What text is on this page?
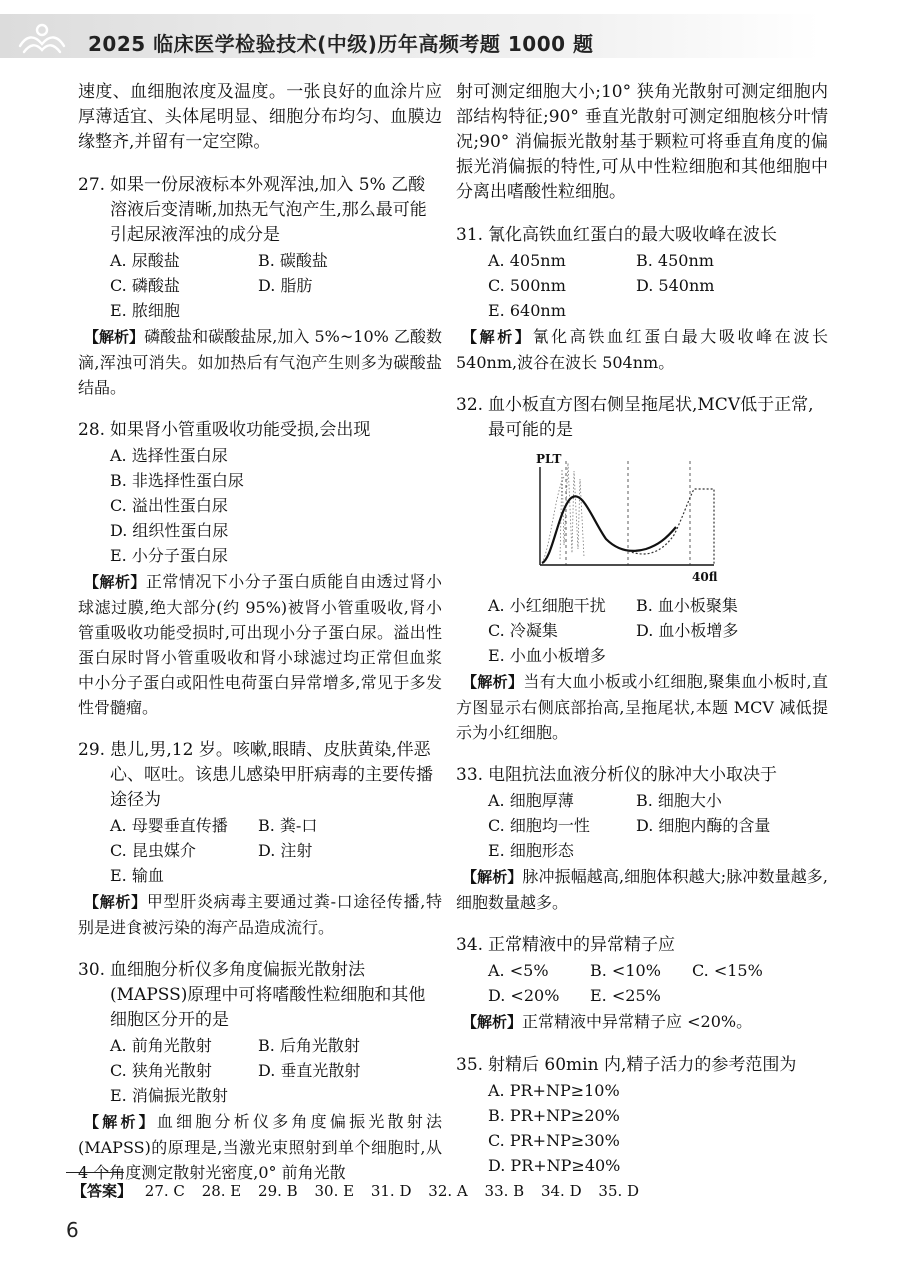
2025 临床医学检验技术(中级)历年高频考题 1000 题
速度、血细胞浓度及温度。一张良好的血涂片应厚薄适宜、头体尾明显、细胞分布均匀、血膜边缘整齐,并留有一定空隙。
27. 如果一份尿液标本外观浑浊,加入 5% 乙酸溶液后变清晰,加热无气泡产生,那么最可能引起尿液浑浊的成分是
A. 尿酸盐	B. 碳酸盐
C. 磷酸盐	D. 脂肪
E. 脓细胞
【解析】磷酸盐和碳酸盐尿,加入 5%~10% 乙酸数滴,浑浊可消失。如加热后有气泡产生则多为碳酸盐结晶。
28. 如果肾小管重吸收功能受损,会出现
A. 选择性蛋白尿
B. 非选择性蛋白尿
C. 溢出性蛋白尿
D. 组织性蛋白尿
E. 小分子蛋白尿
【解析】正常情况下小分子蛋白质能自由透过肾小球滤过膜,绝大部分(约 95%)被肾小管重吸收,肾小管重吸收功能受损时,可出现小分子蛋白尿。溢出性蛋白尿时肾小管重吸收和肾小球滤过均正常但血浆中小分子蛋白或阳性电荷蛋白异常增多,常见于多发性骨髓瘤。
29. 患儿,男,12 岁。咳嗽,眼睛、皮肤黄染,伴恶心、呕吐。该患儿感染甲肝病毒的主要传播途径为
A. 母婴垂直传播	B. 粪-口
C. 昆虫媒介	D. 注射
E. 输血
【解析】甲型肝炎病毒主要通过粪-口途径传播,特别是进食被污染的海产品造成流行。
30. 血细胞分析仪多角度偏振光散射法(MAPSS)原理中可将嗜酸性粒细胞和其他细胞区分开的是
A. 前角光散射	B. 后角光散射
C. 狭角光散射	D. 垂直光散射
E. 消偏振光散射
【解析】血细胞分析仪多角度偏振光散射法(MAPSS)的原理是,当激光束照射到单个细胞时,从 4 个角度测定散射光密度,0° 前角光散
射可测定细胞大小;10° 狭角光散射可测定细胞内部结构特征;90° 垂直光散射可测定细胞核分叶情况;90° 消偏振光散射基于颗粒可将垂直角度的偏振光消偏振的特性,可从中性粒细胞和其他细胞中分离出嗜酸性粒细胞。
31. 氰化高铁血红蛋白的最大吸收峰在波长
A. 405nm	B. 450nm
C. 500nm	D. 540nm
E. 640nm
【解析】氰化高铁血红蛋白最大吸收峰在波长 540nm,波谷在波长 504nm。
32. 血小板直方图右侧呈拖尾状,MCV低于正常,最可能的是
PLT
40fl
A. 小红细胞干扰	B. 血小板聚集
C. 冷凝集	D. 血小板增多
E. 小血小板增多
【解析】当有大血小板或小红细胞,聚集血小板时,直方图显示右侧底部抬高,呈拖尾状,本题 MCV 减低提示为小红细胞。
33. 电阻抗法血液分析仪的脉冲大小取决于
A. 细胞厚薄	B. 细胞大小
C. 细胞均一性	D. 细胞内酶的含量
E. 细胞形态
【解析】脉冲振幅越高,细胞体积越大;脉冲数量越多,细胞数量越多。
34. 正常精液中的异常精子应
A. <5%	B. <10%	C. <15%
D. <20%	E. <25%
【解析】正常精液中异常精子应 <20%。
35. 射精后 60min 内,精子活力的参考范围为
A. PR+NP≥10%
B. PR+NP≥20%
C. PR+NP≥30%
D. PR+NP≥40%
【答案】 27. C 28. E 29. B 30. E 31. D 32. A 33. B 34. D 35. D
6
